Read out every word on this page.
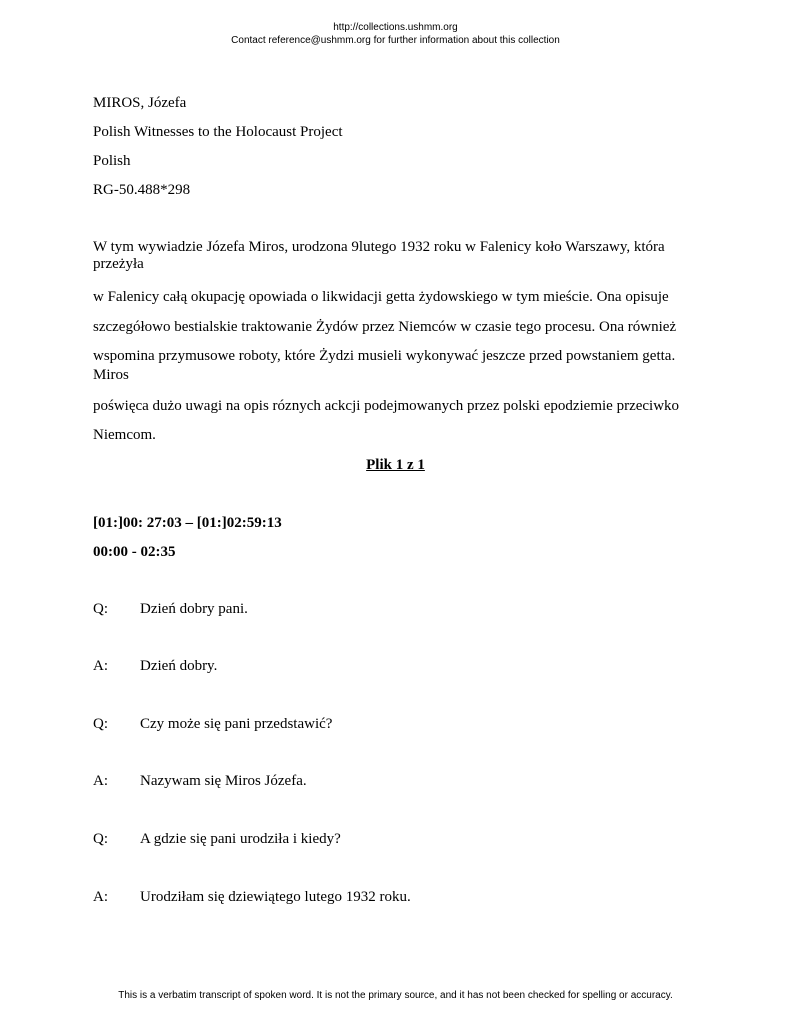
http://collections.ushmm.org
Contact reference@ushmm.org for further information about this collection
MIROS, Józefa
Polish Witnesses to the Holocaust Project
Polish
RG-50.488*298
W tym wywiadzie Józefa Miros, urodzona 9lutego 1932 roku w Falenicy koło Warszawy, która
przeżyła
w Falenicy całą okupację opowiada o likwidacji getta żydowskiego w tym mieście. Ona opisuje
szczegółowo bestialskie traktowanie Żydów przez Niemców w czasie tego procesu. Ona również
wspomina przymusowe roboty, które Żydzi musieli wykonywać jeszcze przed powstaniem getta.
Miros
poświęca dużo uwagi na opis róznych ackcji podejmowanych przez polski epodziemie przeciwko
Niemcom.
Plik 1 z 1
[01:]00: 27:03 – [01:]02:59:13
00:00 - 02:35
Q: Dzień dobry pani.
A: Dzień dobry.
Q: Czy może się pani przedstawić?
A: Nazywam się Miros Józefa.
Q: A gdzie się pani urodziła i kiedy?
A: Urodziłam się dziewiątego lutego 1932 roku.
This is a verbatim transcript of spoken word. It is not the primary source, and it has not been checked for spelling or accuracy.
